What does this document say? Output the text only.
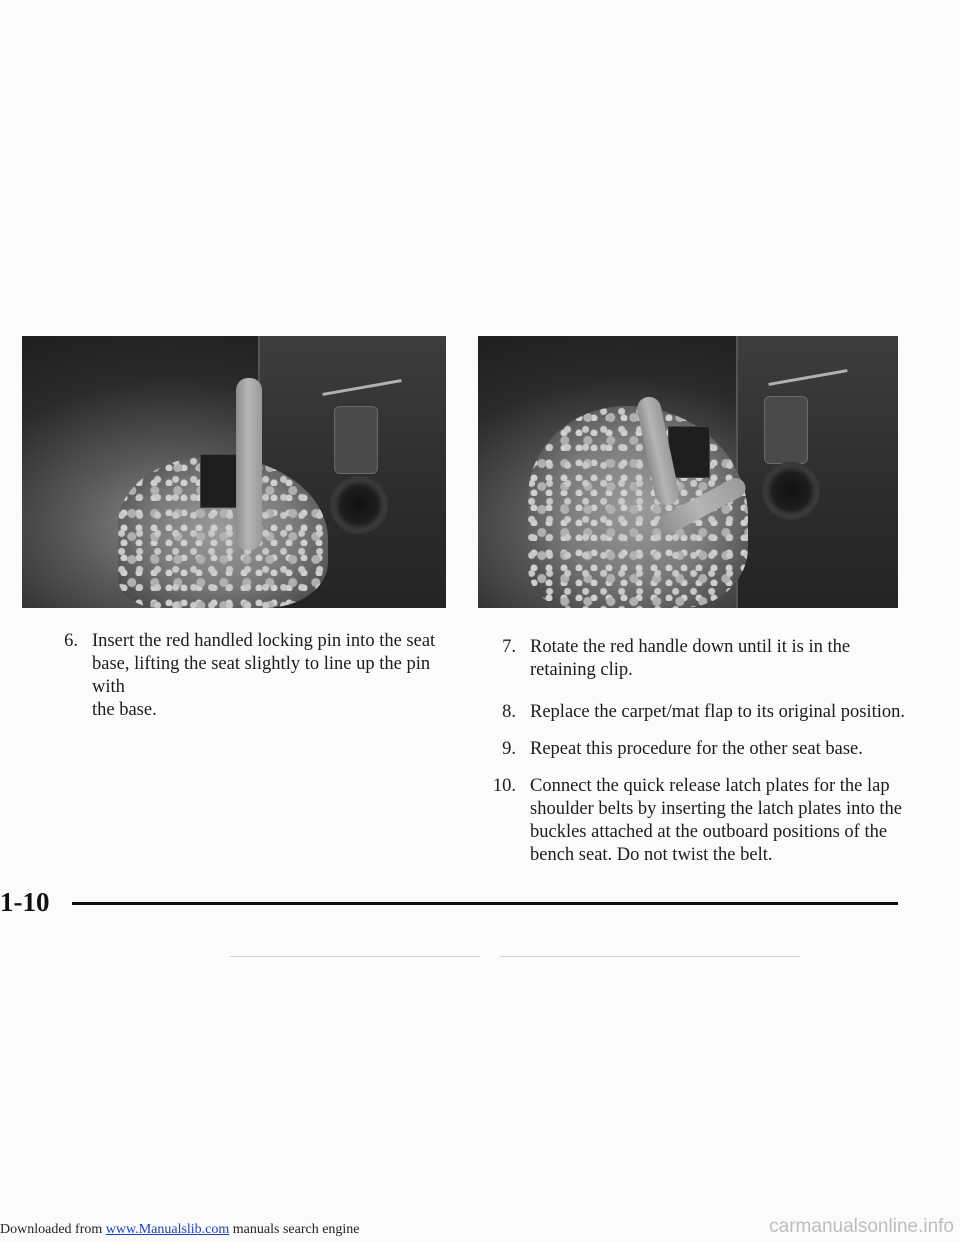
6. Insert the red handled locking pin into the seat
base, lifting the seat slightly to line up the pin with
the base.
7. Rotate the red handle down until it is in the
retaining clip.
8. Replace the carpet/mat flap to its original position.
9. Repeat this procedure for the other seat base.
10. Connect the quick release latch plates for the lap
shoulder belts by inserting the latch plates into the
buckles attached at the outboard positions of the
bench seat. Do not twist the belt.
1-10
Downloaded from www.Manualslib.com manuals search engine	carmanualsonline.info
